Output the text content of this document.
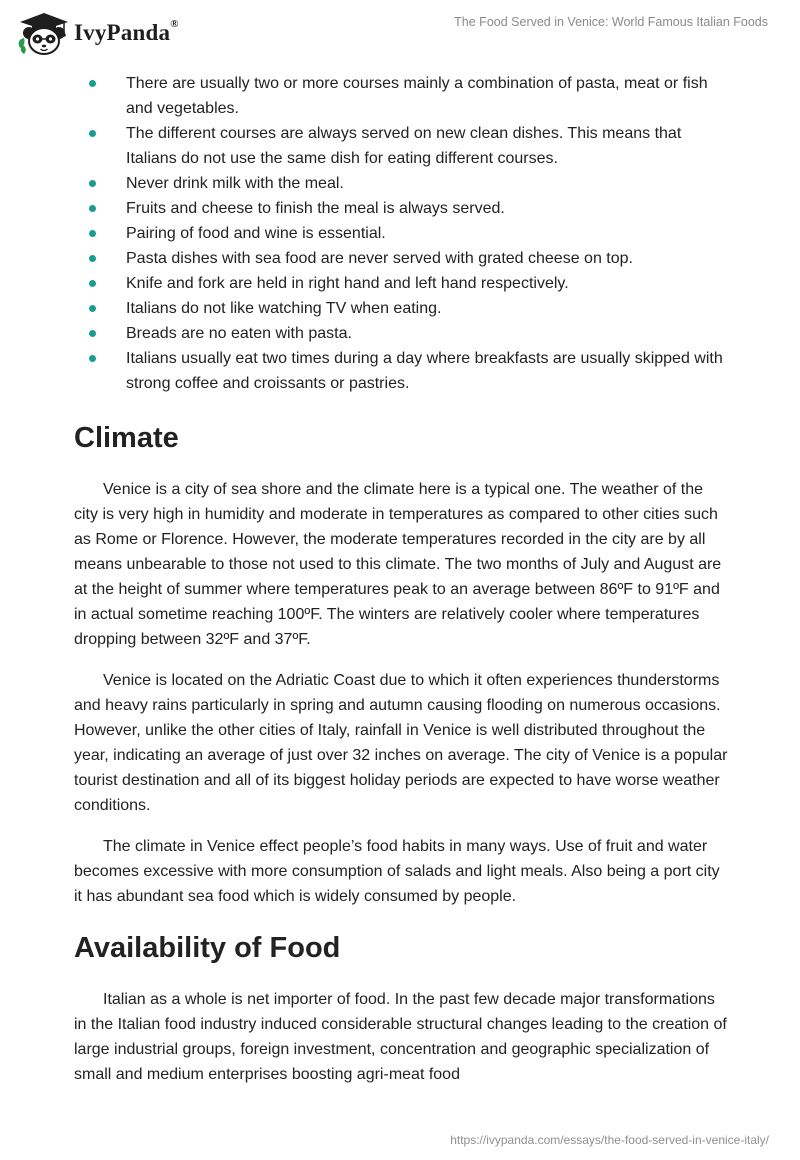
IvyPanda®	The Food Served in Venice: World Famous Italian Foods
There are usually two or more courses mainly a combination of pasta, meat or fish and vegetables.
The different courses are always served on new clean dishes. This means that Italians do not use the same dish for eating different courses.
Never drink milk with the meal.
Fruits and cheese to finish the meal is always served.
Pairing of food and wine is essential.
Pasta dishes with sea food are never served with grated cheese on top.
Knife and fork are held in right hand and left hand respectively.
Italians do not like watching TV when eating.
Breads are no eaten with pasta.
Italians usually eat two times during a day where breakfasts are usually skipped with strong coffee and croissants or pastries.
Climate

Venice is a city of sea shore and the climate here is a typical one. The weather of the city is very high in humidity and moderate in temperatures as compared to other cities such as Rome or Florence. However, the moderate temperatures recorded in the city are by all means unbearable to those not used to this climate. The two months of July and August are at the height of summer where temperatures peak to an average between 86ºF to 91ºF and in actual sometime reaching 100ºF. The winters are relatively cooler where temperatures dropping between 32ºF and 37ºF.

Venice is located on the Adriatic Coast due to which it often experiences thunderstorms and heavy rains particularly in spring and autumn causing flooding on numerous occasions. However, unlike the other cities of Italy, rainfall in Venice is well distributed throughout the year, indicating an average of just over 32 inches on average. The city of Venice is a popular tourist destination and all of its biggest holiday periods are expected to have worse weather conditions.

The climate in Venice effect people’s food habits in many ways. Use of fruit and water becomes excessive with more consumption of salads and light meals. Also being a port city it has abundant sea food which is widely consumed by people.

Availability of Food

Italian as a whole is net importer of food. In the past few decade major transformations in the Italian food industry induced considerable structural changes leading to the creation of large industrial groups, foreign investment, concentration and geographic specialization of small and medium enterprises boosting agri-meat food

https://ivypanda.com/essays/the-food-served-in-venice-italy/
